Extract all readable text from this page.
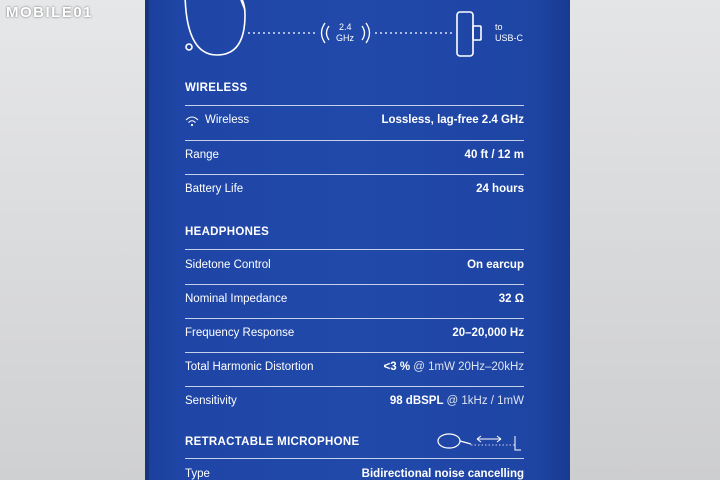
MOBILE01
2.4
GHz
to
USB-C
WIRELESS
Wireless	Lossless, lag-free 2.4 GHz
Range	40 ft / 12 m
Battery Life	24 hours
HEADPHONES
Sidetone Control	On earcup
Nominal Impedance	32 Ω
Frequency Response	20–20,000 Hz
Total Harmonic Distortion	<3 % @ 1mW 20Hz–20kHz
Sensitivity	98 dBSPL @ 1kHz / 1mW
RETRACTABLE MICROPHONE
Type	Bidirectional noise cancelling
